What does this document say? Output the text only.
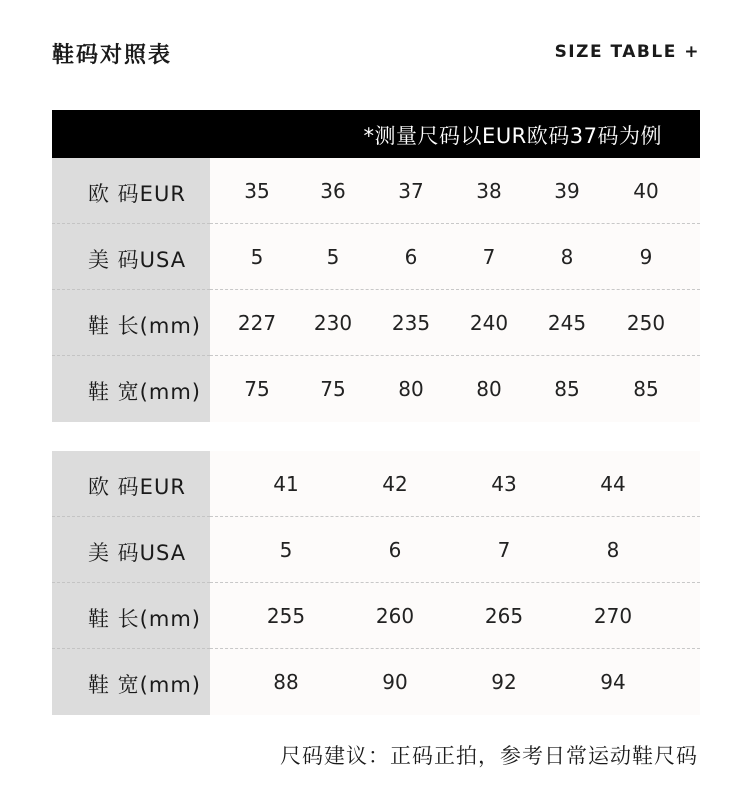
鞋码对照表	SIZE TABLE +
*测量尺码以EUR欧码37码为例
欧 码EUR	35	36	37	38	39	40
美 码USA	5	5	6	7	8	9
鞋 长(mm)	227	230	235	240	245	250
鞋 宽(mm)	75	75	80	80	85	85
欧 码EUR	41	42	43	44
美 码USA	5	6	7	8
鞋 长(mm)	255	260	265	270
鞋 宽(mm)	88	90	92	94
尺码建议：正码正拍，参考日常运动鞋尺码
